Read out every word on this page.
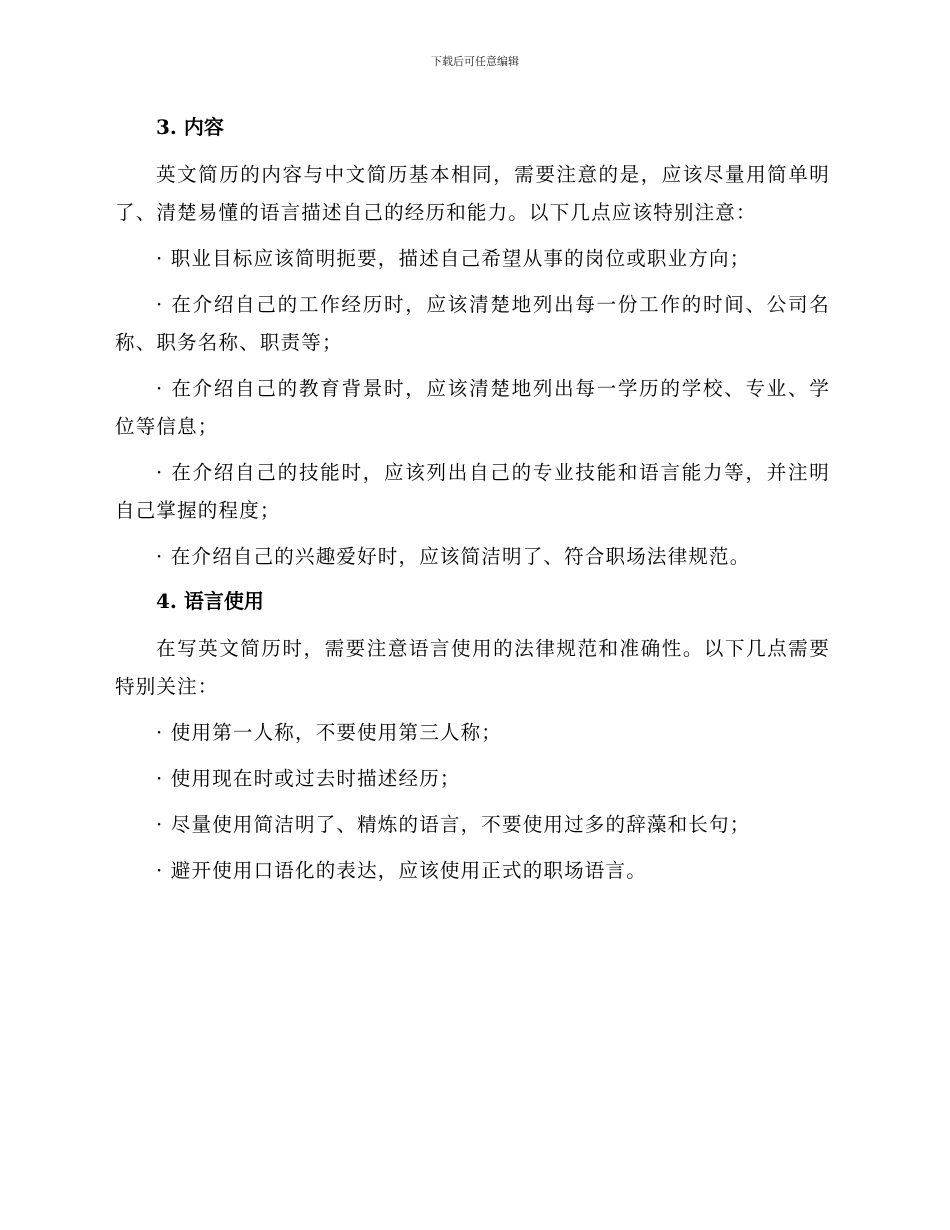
下载后可任意编辑
3. 内容

英文简历的内容与中文简历基本相同，需要注意的是，应该尽量用简单明了、清楚易懂的语言描述自己的经历和能力。以下几点应该特别注意：

· 职业目标应该简明扼要，描述自己希望从事的岗位或职业方向；

· 在介绍自己的工作经历时，应该清楚地列出每一份工作的时间、公司名称、职务名称、职责等；

· 在介绍自己的教育背景时，应该清楚地列出每一学历的学校、专业、学位等信息；

· 在介绍自己的技能时，应该列出自己的专业技能和语言能力等，并注明自己掌握的程度；

· 在介绍自己的兴趣爱好时，应该简洁明了、符合职场法律规范。

4. 语言使用

在写英文简历时，需要注意语言使用的法律规范和准确性。以下几点需要特别关注：

· 使用第一人称，不要使用第三人称；

· 使用现在时或过去时描述经历；

· 尽量使用简洁明了、精炼的语言，不要使用过多的辞藻和长句；

· 避开使用口语化的表达，应该使用正式的职场语言。
